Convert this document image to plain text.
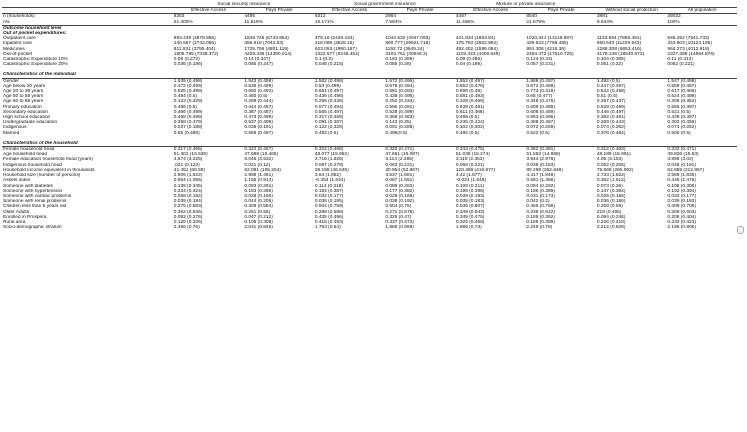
	Social security insurance		Social government insurance		Mixture or private insurance			
	Effective Access	Pays Private	Effective Access	Pays Private	Effective Access	Pays Private	Without social protection	All population
n (households)	8353	4495	6312	2964	4487	8540	3881	39032
n%	21.400%	11.516%	16.171%	7.594%	11.496%	21.879%	9.943%	100%
Outcome household level								
Out of pocket expenditures:								
Outpatient care	893.438 (4878.856)	1848.725 (6743.854)	479.18 (2428.434)	1042.532 (4047.093)	421.834 (1853.84)	1020.341 (13116.597)	1133.994 (7865.491)	945.252 (7541.733)
Inpatient care	140.567 (2742.056)	356.518 (7042.53)	218.089 (3526.15)	860.777 (29621.718)	175.783 (2602.992)	439.623 (7768.485)	560.543 (11229.543)	343.903 (10124.195)
Medicines	811.931 (3795.404)	1725.756 (4801.119)	623.053 (1990.187)	1192.72 (3649.24)	482.402 (1599.064)	991.308 (4216.36)	1288.308 (6653.416)	964.273 (4012.918)
Out-of-pocket	1809.785 (7339.372)	4229.438 (14390.014)	1322.577 (5246.452)	3104.751 (30546.3)	1102.443 (4409.649)	2484.472 (17510.725)	3178.148 (18540.672)	2327.468 (14664.876)
Catastrophic Expenditure 10%	0.08 (0.272)	0.14 (0.347)	0.1 (0.3)	0.163 (0.369)	0.09 (0.286)	0.124 (0.33)	0.104 (0.305)	0.11 (0.313)
Catastrophic Expenditure 20%	0.036 (0.186)	0.065 (0.247)	0.048 (0.215)	0.085 (0.28)	0.04 (0.196)	0.057 (0.231)	0.051 (0.22)	0052 (0.221)

Characteristics of the individual								
Gender	1.539 (0.498)	1.543 (0.498)	1.562 (0.496)	1.572 (0.495)	1.552 (0.497)	1.588 (0.497)	1.492 (0.5)	1.547 (0.498)
Age below 20 years	0.472 (0.499)	0.536 (0.499)	0.53 (0.499)	0.578 (0.494)	0.653 (0.476)	0.672 (0.469)	0.447 (0.497)	0.559 (0.497)
Age 20 to 39 years	0.525 (0.499)	0.592 (0.492)	0.551 (0.497)	0.581 (0.493)	0.696 (0.46)	0.773 (0.419)	0.542 (0.498)	0.617 (0.486)
Age 50 to 59 years	0.484 (0.5)	0.492 (0.5)	0.436 (0.496)	0.438 (0.496)	0.581 (0.493)	0.65 (0.477)	0.51 (0.5)	0.524 (0.499)
Age 60 to 89 years	0.123 (0.329)	0.269 (0.444)	0.256 (0.436)	0.252 (0.434)	0.328 (0.469)	0.346 (0.476)	0.257 (0.437)	0.308 (0.462)
Primary education	0.496 (0.5)	0.444 (0.497)	0.577 (0.494)	0.596 (0.491)	0.638 (0.481)	0.609 (0.488)	0.528 (0.499)	0.555 (0.497)
Secondary education	0.466 (0.499)	0.387 (0.487)	0.555 (0.497)	0.528 (0.499)	0.611 (0.488)	0.606 (0.489)	0.446 (0.497)	0.521 (0.5)
High school education	0.468 (0.499)	0.473 (0.499)	0.317 (0.465)	0.369 (0.483)	0.485 (0.5)	0.563 (0.496)	0.362 (0.481)	0.449 (0.497)
Undergraduate education	0.358 (0.479)	0.537 (0.499)	0.091 (0.287)	0.143 (0.35)	0.236 (0.424)	0.388 (0.487)	0.268 (0.443)	0.303 (0.459)
Indigenous	0.037 (0.188)	0.038 (0.191)	0.122 (0.328)	0.091 (0.288)	0.102 (0.302)	0.072 (0.259)	0.074 (0.262)	0.074 (0.262)
Married	0.55 (0.498)	0.559 (0.497)	0.483 (0.5)	0.495(0.5)	0.485 (0.5)	0.522 (0.5)	0.376 (0.484)	0.505 (0.5)

Characteristics of the household								
Female household head	0.317 (0.465)	0.322 (0.467)	0.324 (0.468)	0.333 (0.471)	0.343 (0.475)	0.362 (0.481)	0.312 (0.463)	0.332 (0.471)
Age household head	51.401 (16.539)	47.688 (15.465)	48.077 (15.952)	47.651 (16.087)	51.038 (15.274)	51.563 (14.888)	48.189 (15.991)	49.826 (15.83)
Female education household head (years)	4.674 (3.225)	6.045 (3.532)	2.715 (1.826)	3.114 (2.395)	3.119 (2.353)	3.944 (2.978)	4.05 (3.153)	3.996 (3.02)
Indigenous household head	.021 (0.122)	0.021 (0.12)	0.097 (0.278)	0.063 (0.221)	0.066 (0.221)	0.036 (0.153)	0.052 (0.205)	0.048 (0.191)
Household income equivalent in thousands	41.451 (68.59)	62.091 (106.204)	26.198 (46.545)	30.954 (52.887)	128.488 (410.677)	80.298 (262.648)	79.569 (265.902)	62.859 (212.967)
Household size (number of persons)	2.906 (1.522)	2.988 (1.461)	3.64 (1.852)	3.537 (1.681)	4.42 (1.877)	4.417 (1.848)	2.733 (1.622)	3.569 (1.835)
Assets index	0.954 (1.055)	1.155 (0.913)	-0.354 (1.634)	0.067 (1.551)	-0.024 (1.648)	0.581 (1.368)	0.362 (1.612)	0.445 (1.478)
Someone with diabetes	0.138 (0.345)	0.093 (0.291)	0.114 (0.318)	0.088 (0.283)	0.108 (0.311)	0.094 (0.292)	0.073 (0.26)	0.106 (0.308)
Someone with hypertension	0.234 (0.424)	0.183 (0.386)	0.183 (0.387)	0.177 (0.382)	0.195 (0.396)	0.186 (0.389)	0.147 (0.354)	0.192 (0.394)
Someone with cardiac problems	0.058 (0.192)	0.028 (0.166)	0.032 (0.177)	0.029 (0.169)	0.039 (0.193)	0.031 (0.173)	0.025 (0.155)	0.033 (0.177)
Someone with renal problems	0.039 (0.194)	0.044 (0.206)	0.036 (0.185)	0.038 (0.192)	0.035 (0.183)	0.042 (0.2)	0.036 (0.186)	0.039 (0.193)
Children less than 6 years old	0.275 (0.583)	0.309 (0.584)	0.504 (0.759)	0.504 (0.75)	0.536 (0.807)	0.485 (0.768)	0.269 (0.59)	0.409 (0.706)
Older Adults	0.362 (0.645)	0.251 (0.55)	0.288 (0.588)	0.271 (0.575)	0.349 (0.643)	0.339 (0.622)	219 (0.495)	0.309 (0.603)
Enrolled in Prospera	0.083 (0.276)	0.047 (0.212)	0.435 (0.496)	0.329 (0.47)	0.345 (0.475)	0.189 (0.392)	0.094 (0.246)	0.206 (0.404)
Rural area	0.129 (0.335)	0.106 (0.308)	0.416 (0.493)	0.337 (0.473)	0.325 (0.468)	0.186 (0.389)	0.226 (0.418)	0.233 (0.423)
Socio-demographic stratum	2.456 (0.76)	2.631 (0.846)	1.763 (0.64)	1.869 (0.669)	1.986 (0.73)	2.249 (0.78)	2.212 (0.828)	2.196 (0.806)
